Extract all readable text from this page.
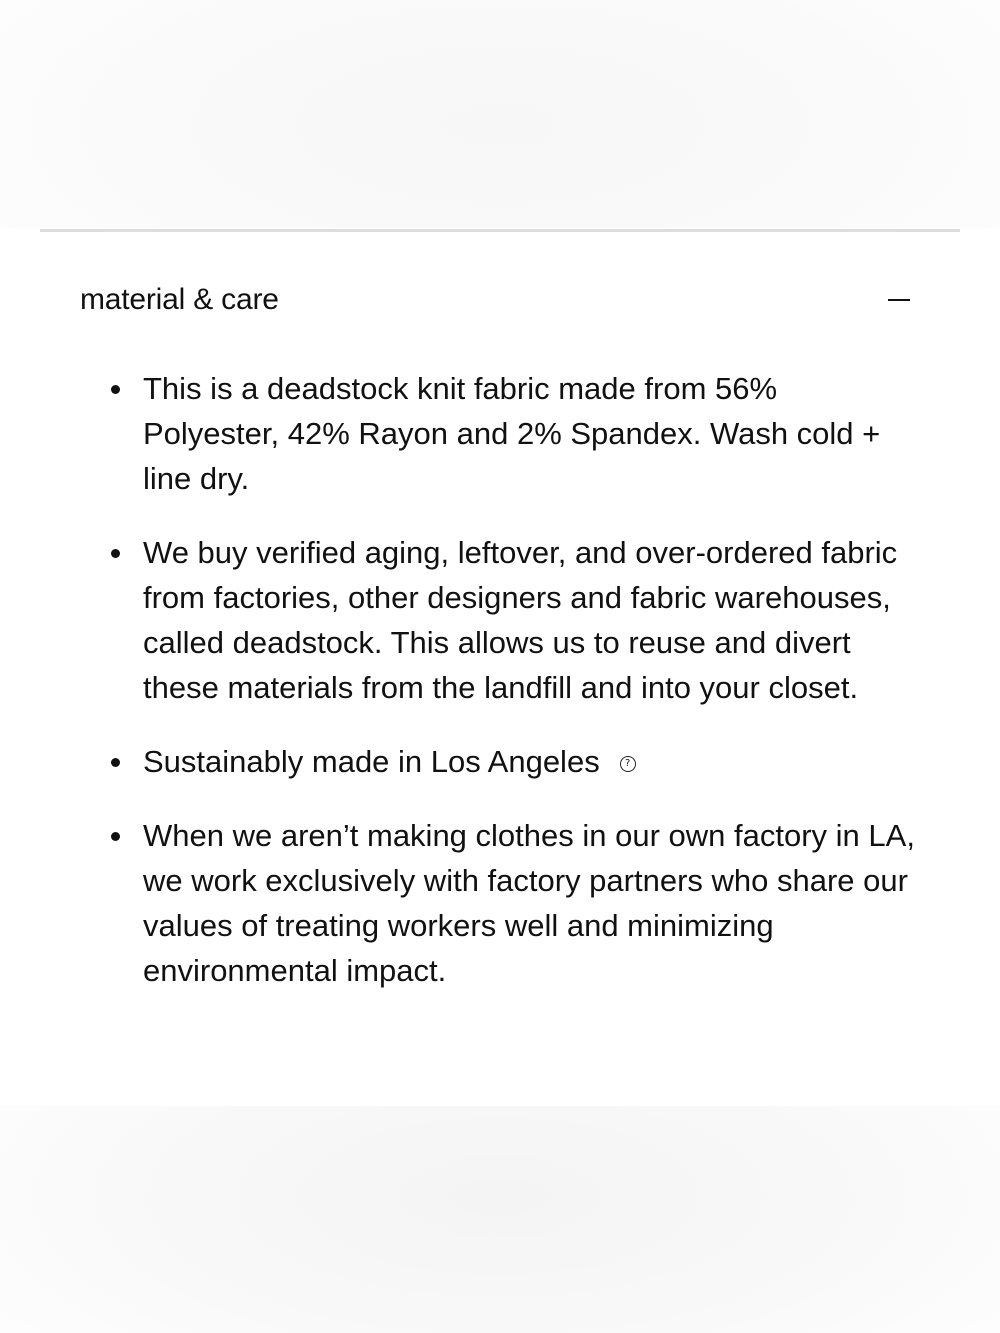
material & care
This is a deadstock knit fabric made from 56% Polyester, 42% Rayon and 2% Spandex. Wash cold + line dry.
We buy verified aging, leftover, and over-ordered fabric from factories, other designers and fabric warehouses, called deadstock. This allows us to reuse and divert these materials from the landfill and into your closet.
Sustainably made in Los Angeles	?
When we aren’t making clothes in our own factory in LA, we work exclusively with factory partners who share our values of treating workers well and minimizing environmental impact.
